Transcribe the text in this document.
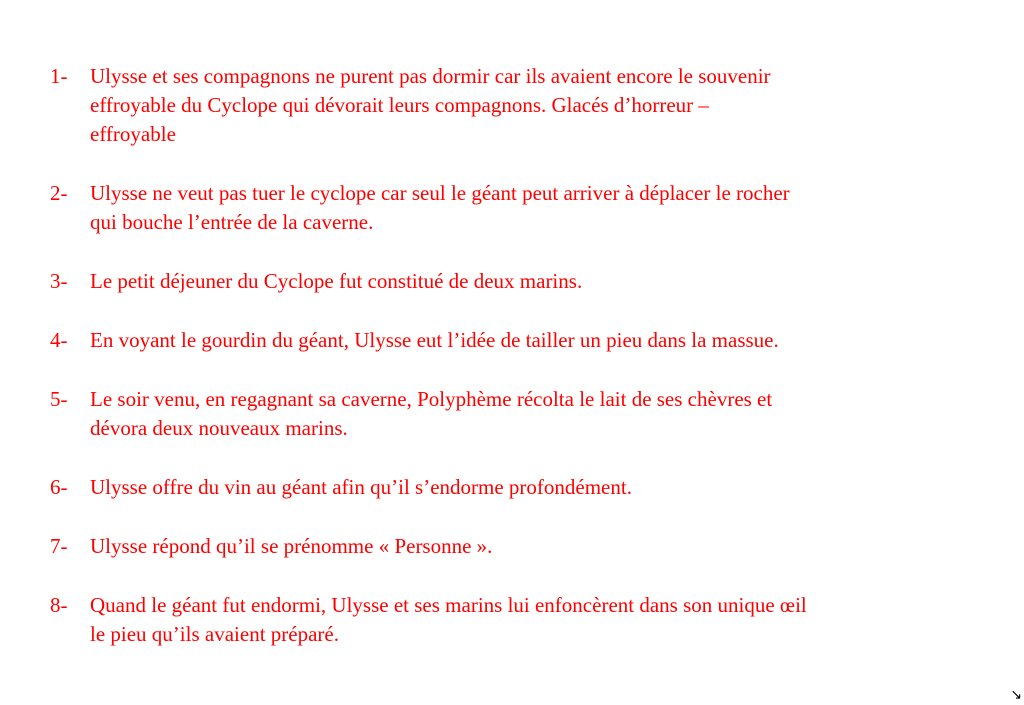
1-	Ulysse et ses compagnons ne purent pas dormir car ils avaient encore le souvenir
effroyable du Cyclope qui dévorait leurs compagnons. Glacés d’horreur –
effroyable
2-	Ulysse ne veut pas tuer le cyclope car seul le géant peut arriver à déplacer le rocher
qui bouche l’entrée de la caverne.
3-	Le petit déjeuner du Cyclope fut constitué de deux marins.
4-	En voyant le gourdin du géant, Ulysse eut l’idée de tailler un pieu dans la massue.
5-	Le soir venu, en regagnant sa caverne, Polyphème récolta le lait de ses chèvres et
dévora deux nouveaux marins.
6-	Ulysse offre du vin au géant afin qu’il s’endorme profondément.
7-	Ulysse répond qu’il se prénomme « Personne ».
8-	Quand le géant fut endormi, Ulysse et ses marins lui enfoncèrent dans son unique œil
le pieu qu’ils avaient préparé.
↘
